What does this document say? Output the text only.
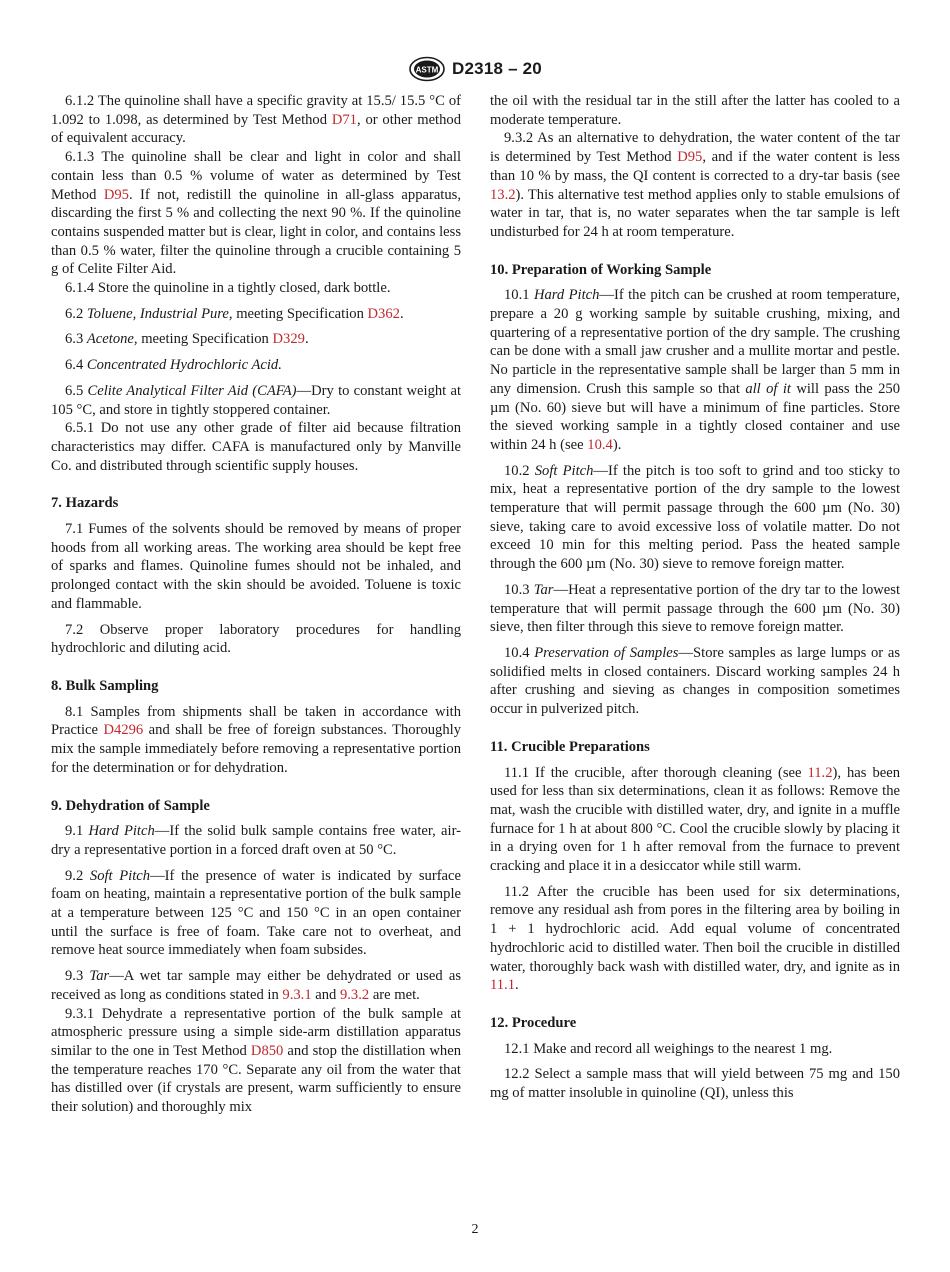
ASTM D2318 – 20

6.1.2 The quinoline shall have a specific gravity at 15.5/ 15.5 °C of 1.092 to 1.098, as determined by Test Method D71, or other method of equivalent accuracy.

6.1.3 The quinoline shall be clear and light in color and shall contain less than 0.5 % volume of water as determined by Test Method D95. If not, redistill the quinoline in all-glass apparatus, discarding the first 5 % and collecting the next 90 %. If the quinoline contains suspended matter but is clear, light in color, and contains less than 0.5 % water, filter the quinoline through a crucible containing 5 g of Celite Filter Aid.

6.1.4 Store the quinoline in a tightly closed, dark bottle.

6.2 Toluene, Industrial Pure, meeting Specification D362.

6.3 Acetone, meeting Specification D329.

6.4 Concentrated Hydrochloric Acid.

6.5 Celite Analytical Filter Aid (CAFA)—Dry to constant weight at 105 °C, and store in tightly stoppered container.

6.5.1 Do not use any other grade of filter aid because filtration characteristics may differ. CAFA is manufactured only by Manville Co. and distributed through scientific supply houses.

7. Hazards

7.1 Fumes of the solvents should be removed by means of proper hoods from all working areas. The working area should be kept free of sparks and flames. Quinoline fumes should not be inhaled, and prolonged contact with the skin should be avoided. Toluene is toxic and flammable.

7.2 Observe proper laboratory procedures for handling hydrochloric and diluting acid.

8. Bulk Sampling

8.1 Samples from shipments shall be taken in accordance with Practice D4296 and shall be free of foreign substances. Thoroughly mix the sample immediately before removing a representative portion for the determination or for dehydration.

9. Dehydration of Sample

9.1 Hard Pitch—If the solid bulk sample contains free water, air-dry a representative portion in a forced draft oven at 50 °C.

9.2 Soft Pitch—If the presence of water is indicated by surface foam on heating, maintain a representative portion of the bulk sample at a temperature between 125 °C and 150 °C in an open container until the surface is free of foam. Take care not to overheat, and remove heat source immediately when foam subsides.

9.3 Tar—A wet tar sample may either be dehydrated or used as received as long as conditions stated in 9.3.1 and 9.3.2 are met.

9.3.1 Dehydrate a representative portion of the bulk sample at atmospheric pressure using a simple side-arm distillation apparatus similar to the one in Test Method D850 and stop the distillation when the temperature reaches 170 °C. Separate any oil from the water that has distilled over (if crystals are present, warm sufficiently to ensure their solution) and thoroughly mix

the oil with the residual tar in the still after the latter has cooled to a moderate temperature.

9.3.2 As an alternative to dehydration, the water content of the tar is determined by Test Method D95, and if the water content is less than 10 % by mass, the QI content is corrected to a dry-tar basis (see 13.2). This alternative test method applies only to stable emulsions of water in tar, that is, no water separates when the tar sample is left undisturbed for 24 h at room temperature.

10. Preparation of Working Sample

10.1 Hard Pitch—If the pitch can be crushed at room temperature, prepare a 20 g working sample by suitable crushing, mixing, and quartering of a representative portion of the dry sample. The crushing can be done with a small jaw crusher and a mullite mortar and pestle. No particle in the representative sample shall be larger than 5 mm in any dimension. Crush this sample so that all of it will pass the 250 µm (No. 60) sieve but will have a minimum of fine particles. Store the sieved working sample in a tightly closed container and use within 24 h (see 10.4).

10.2 Soft Pitch—If the pitch is too soft to grind and too sticky to mix, heat a representative portion of the dry sample to the lowest temperature that will permit passage through the 600 µm (No. 30) sieve, taking care to avoid excessive loss of volatile matter. Do not exceed 10 min for this melting period. Pass the heated sample through the 600 µm (No. 30) sieve to remove foreign matter.

10.3 Tar—Heat a representative portion of the dry tar to the lowest temperature that will permit passage through the 600 µm (No. 30) sieve, then filter through this sieve to remove foreign matter.

10.4 Preservation of Samples—Store samples as large lumps or as solidified melts in closed containers. Discard working samples 24 h after crushing and sieving as changes in composition sometimes occur in pulverized pitch.

11. Crucible Preparations

11.1 If the crucible, after thorough cleaning (see 11.2), has been used for less than six determinations, clean it as follows: Remove the mat, wash the crucible with distilled water, dry, and ignite in a muffle furnace for 1 h at about 800 °C. Cool the crucible slowly by placing it in a drying oven for 1 h after removal from the furnace to prevent cracking and place it in a desiccator while still warm.

11.2 After the crucible has been used for six determinations, remove any residual ash from pores in the filtering area by boiling in 1 + 1 hydrochloric acid. Add equal volume of concentrated hydrochloric acid to distilled water. Then boil the crucible in distilled water, thoroughly back wash with distilled water, dry, and ignite as in 11.1.

12. Procedure

12.1 Make and record all weighings to the nearest 1 mg.

12.2 Select a sample mass that will yield between 75 mg and 150 mg of matter insoluble in quinoline (QI), unless this

2
